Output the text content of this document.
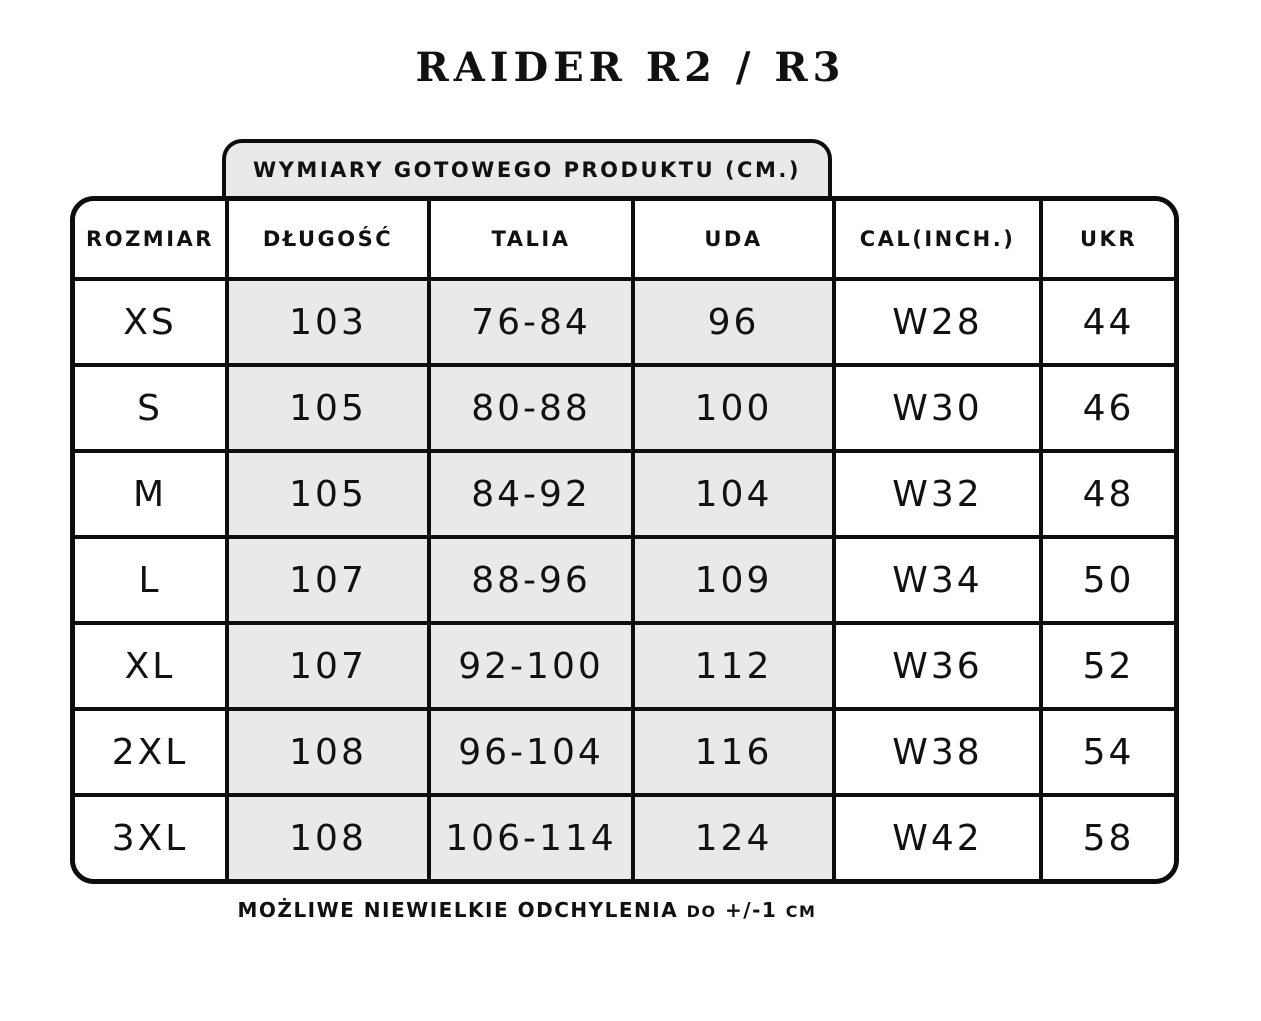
RAIDER R2 / R3
WYMIARY GOTOWEGO PRODUKTU (CM.)
ROZMIAR	DŁUGOŚĆ	TALIA	UDA	CAL(INCH.)	UKR
XS	103	76-84	96	W28	44
S	105	80-88	100	W30	46
M	105	84-92	104	W32	48
L	107	88-96	109	W34	50
XL	107	92-100	112	W36	52
2XL	108	96-104	116	W38	54
3XL	108	106-114	124	W42	58
MOŻLIWE NIEWIELKIE ODCHYLENIA DO +/-1 CM
